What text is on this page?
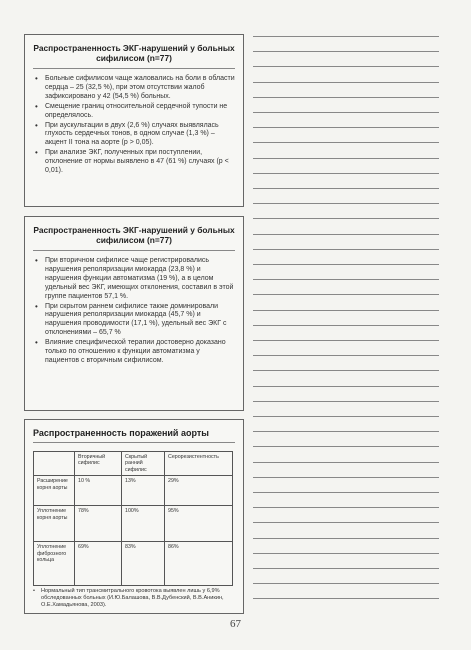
Распространенность ЭКГ-нарушений у больных сифилисом (n=77)
• Больные сифилисом чаще жаловались на боли в области сердца – 25 (32,5 %), при этом отсутствии жалоб зафиксировано у 42 (54,5 %) больных.
• Смещение границ относительной сердечной тупости не определялось.
• При аускультации в двух (2,6 %) случаях выявлялась глухость сердечных тонов, в одном случае (1,3 %) – акцент II тона на аорте (р > 0,05).
• При анализе ЭКГ, полученных при поступлении, отклонение от нормы выявлено в 47 (61 %) случаях (р < 0,01).
Распространенность ЭКГ-нарушений у больных сифилисом (n=77)
• При вторичном сифилисе чаще регистрировались нарушения реполяризации миокарда (23,8 %) и нарушения функции автоматизма (19 %), а в целом удельный вес ЭКГ, имеющих отклонения, составил в этой группе пациентов 57,1 %.
• При скрытом раннем сифилисе также доминировали нарушения реполяризации миокарда (45,7 %) и нарушения проводимости (17,1 %), удельный вес ЭКГ с отклонениями – 65,7 %
• Влияние специфической терапии достоверно доказано только по отношению к функции автоматизма у пациентов с вторичным сифилисом.
Распространенность поражений аорты
	Вторичный сифилис	Скрытый ранний сифилис	Серорезистентность
Расширение корня аорты	10 %	13%	29%
Уплотнение корня аорты	78%	100%	95%
Уплотнение фиброзного кольца	69%	83%	86%
• Нормальный тип трансмитрального кровотока выявлен лишь у 6,9% обследованных больных (И.Ю.Балашова, В.В.Дубенский, В.В.Аникин, О.Е.Хамадьянова, 2003).
67
